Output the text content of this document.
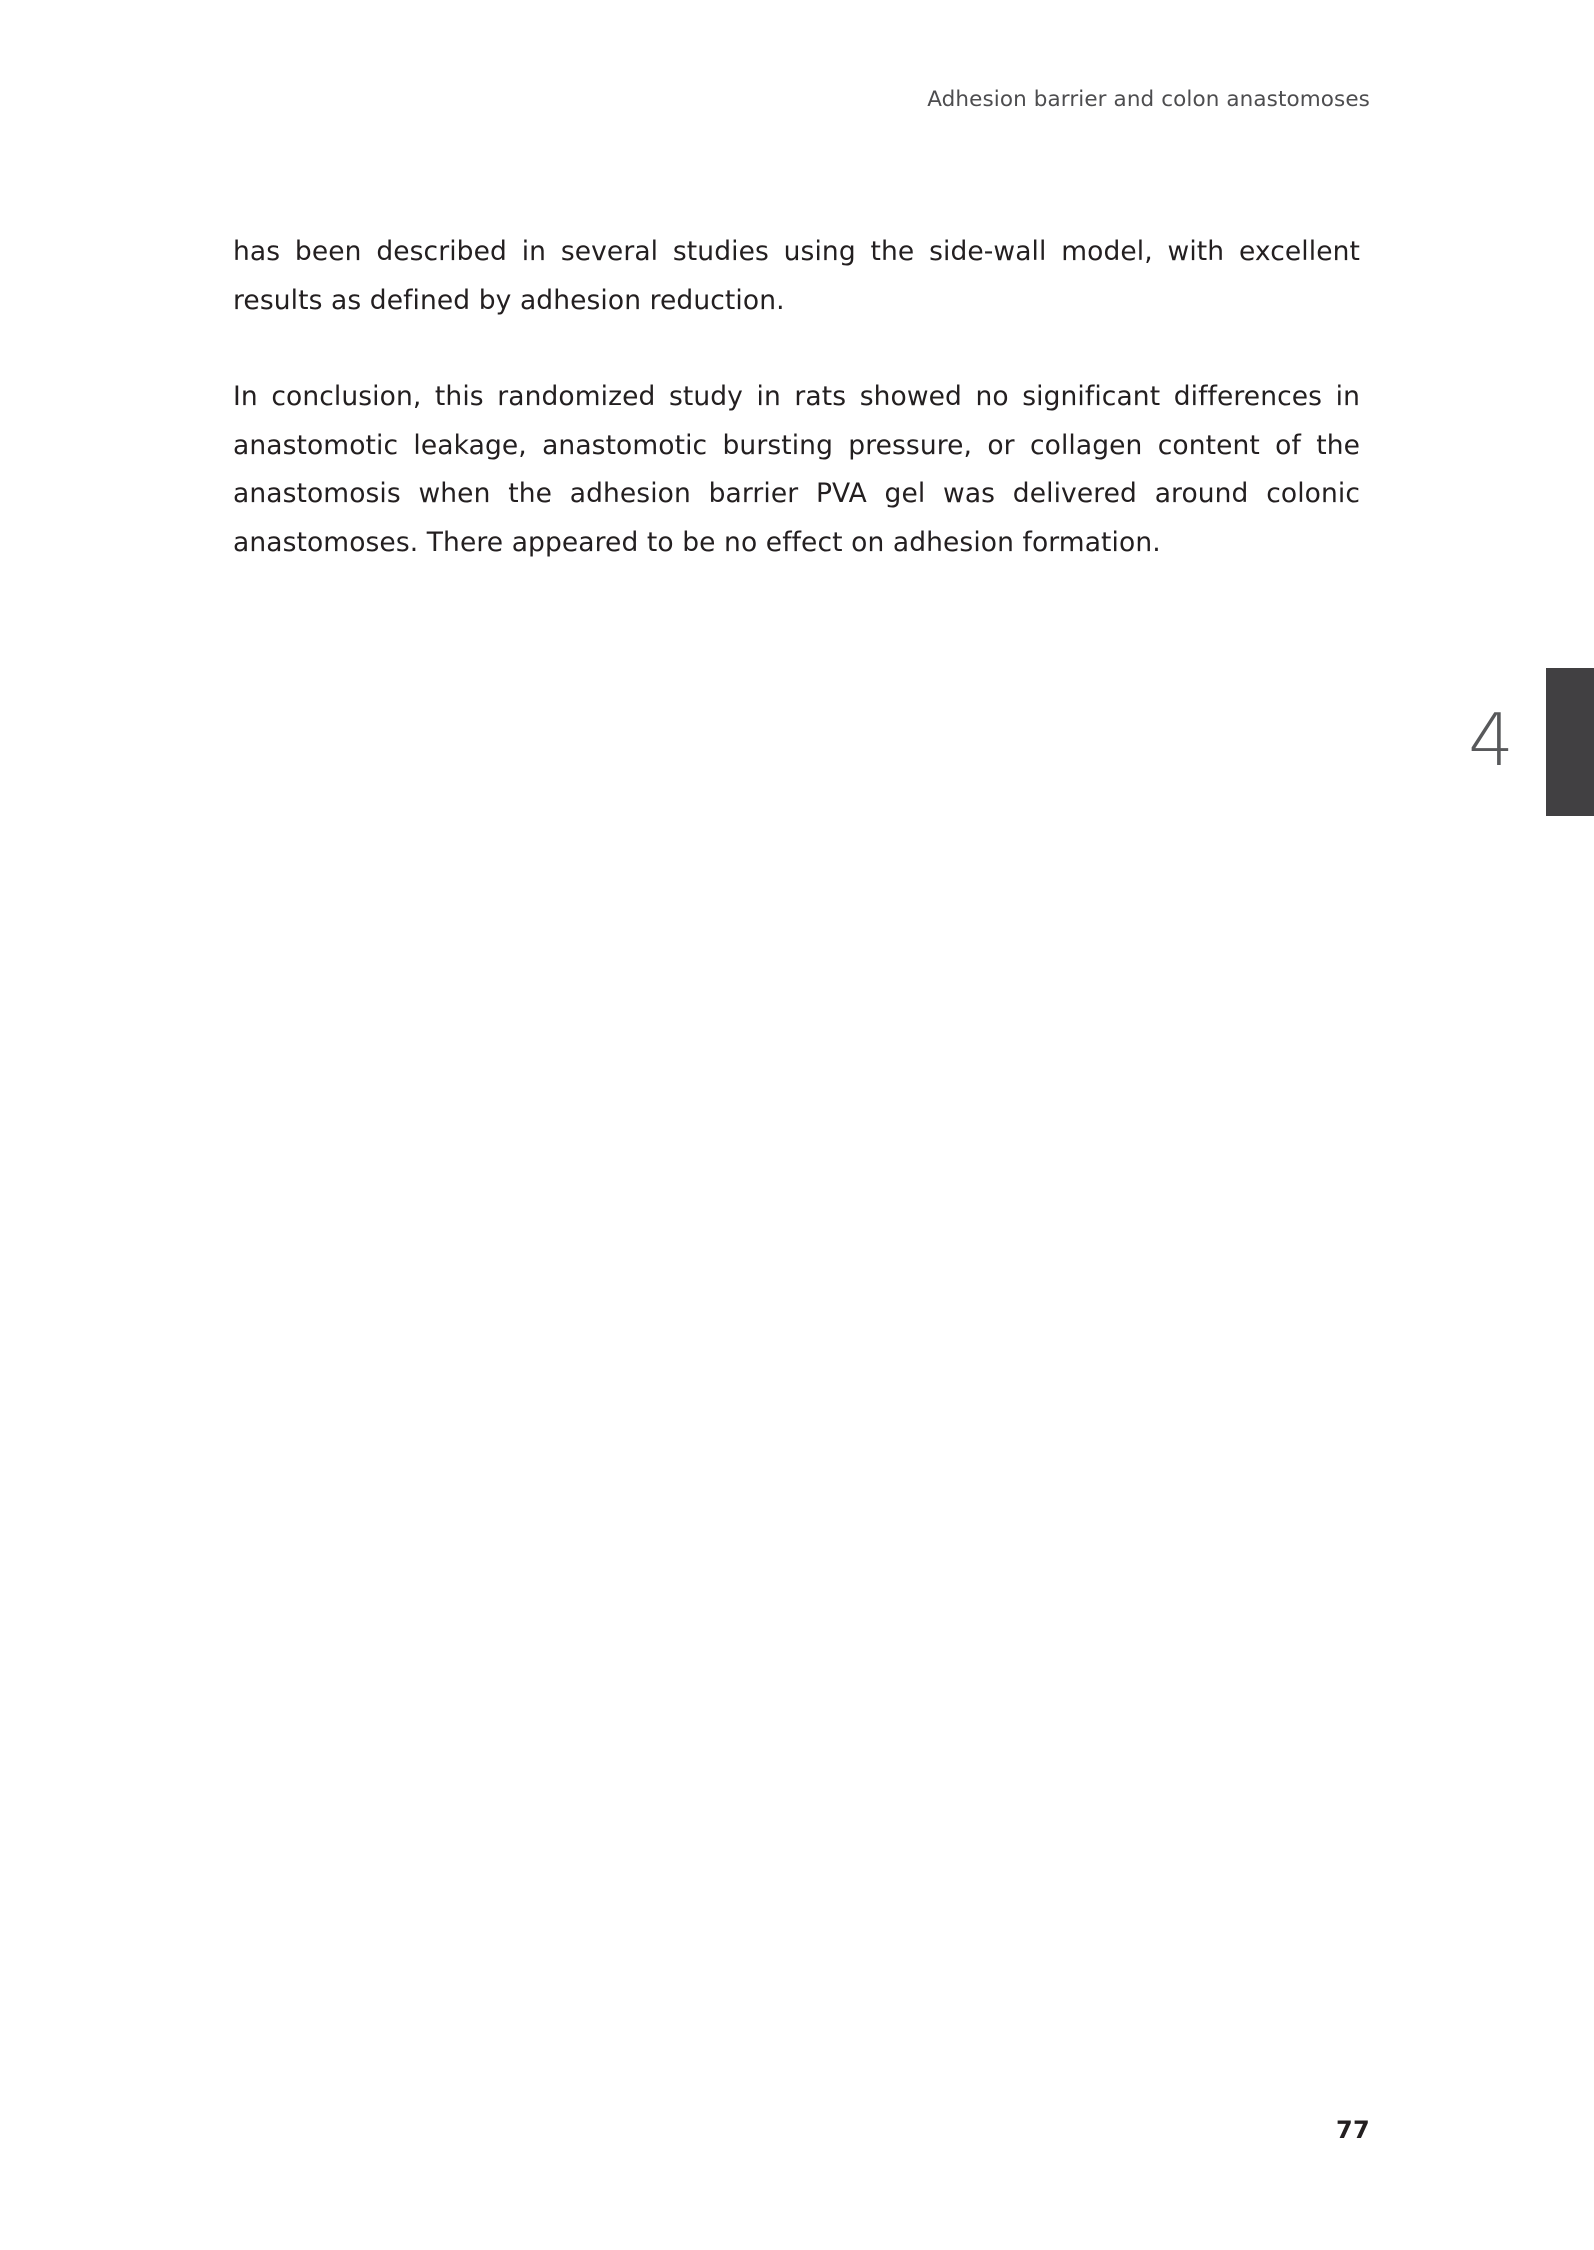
Adhesion barrier and colon anastomoses

has been described in several studies using the side-wall model, with excellent results as defined by adhesion reduction.

In conclusion, this randomized study in rats showed no significant differences in anastomotic leakage, anastomotic bursting pressure, or collagen content of the anastomosis when the adhesion barrier PVA gel was delivered around colonic anastomoses. There appeared to be no effect on adhesion formation.

4
77
